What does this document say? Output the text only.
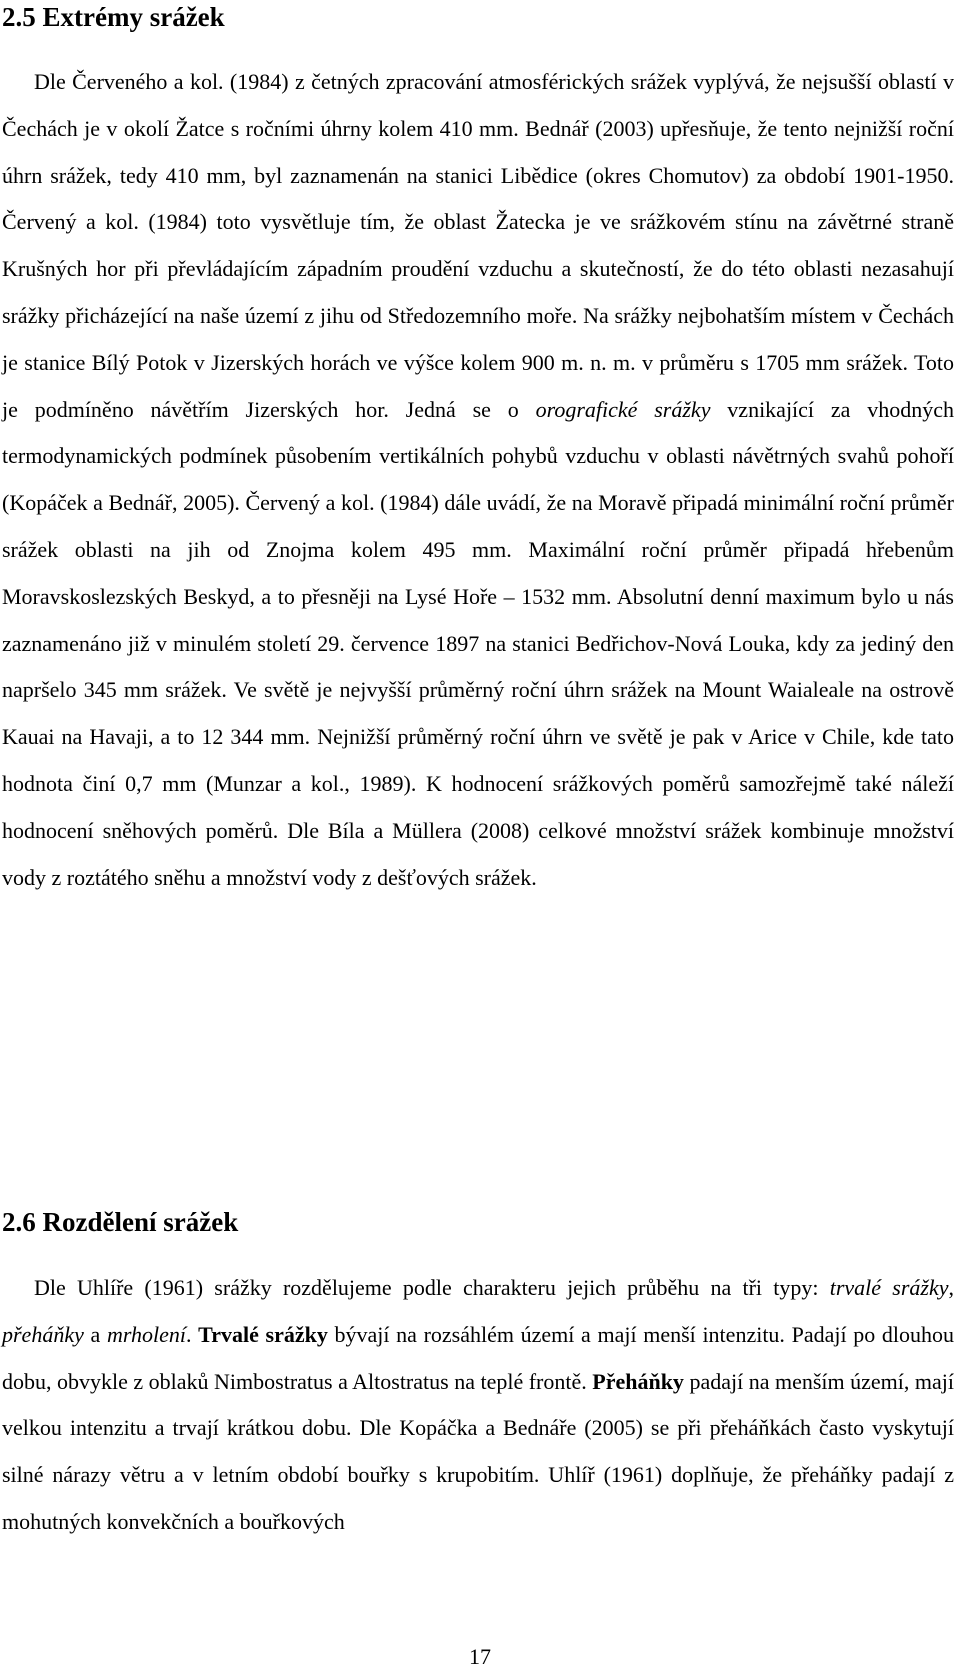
2.5 Extrémy srážek

Dle Červeného a kol. (1984) z četných zpracování atmosférických srážek vyplývá, že nejsušší oblastí v Čechách je v okolí Žatce s ročními úhrny kolem 410 mm. Bednář (2003) upřesňuje, že tento nejnižší roční úhrn srážek, tedy 410 mm, byl zaznamenán na stanici Libědice (okres Chomutov) za období 1901-1950. Červený a kol. (1984) toto vysvětluje tím, že oblast Žatecka je ve srážkovém stínu na závětrné straně Krušných hor při převládajícím západním proudění vzduchu a skutečností, že do této oblasti nezasahují srážky přicházející na naše území z jihu od Středozemního moře. Na srážky nejbohatším místem v Čechách je stanice Bílý Potok v Jizerských horách ve výšce kolem 900 m. n. m. v průměru s 1705 mm srážek. Toto je podmíněno návětřím Jizerských hor. Jedná se o orografické srážky vznikající za vhodných termodynamických podmínek působením vertikálních pohybů vzduchu v oblasti návětrných svahů pohoří (Kopáček a Bednář, 2005). Červený a kol. (1984) dále uvádí, že na Moravě připadá minimální roční průměr srážek oblasti na jih od Znojma kolem 495 mm. Maximální roční průměr připadá hřebenům Moravskoslezských Beskyd, a to přesněji na Lysé Hoře – 1532 mm. Absolutní denní maximum bylo u nás zaznamenáno již v minulém století 29. července 1897 na stanici Bedřichov-Nová Louka, kdy za jediný den napršelo 345 mm srážek. Ve světě je nejvyšší průměrný roční úhrn srážek na Mount Waialeale na ostrově Kauai na Havaji, a to 12 344 mm. Nejnižší průměrný roční úhrn ve světě je pak v Arice v Chile, kde tato hodnota činí 0,7 mm (Munzar a kol., 1989). K hodnocení srážkových poměrů samozřejmě také náleží hodnocení sněhových poměrů. Dle Bíla a Müllera (2008) celkové množství srážek kombinuje množství vody z roztátého sněhu a množství vody z dešťových srážek.

2.6 Rozdělení srážek

Dle Uhlíře (1961) srážky rozdělujeme podle charakteru jejich průběhu na tři typy: trvalé srážky, přeháňky a mrholení. Trvalé srážky bývají na rozsáhlém území a mají menší intenzitu. Padají po dlouhou dobu, obvykle z oblaků Nimbostratus a Altostratus na teplé frontě. Přeháňky padají na menším území, mají velkou intenzitu a trvají krátkou dobu. Dle Kopáčka a Bednáře (2005) se při přeháňkách často vyskytují silné nárazy větru a v letním období bouřky s krupobitím. Uhlíř (1961) doplňuje, že přeháňky padají z mohutných konvekčních a bouřkových

17
